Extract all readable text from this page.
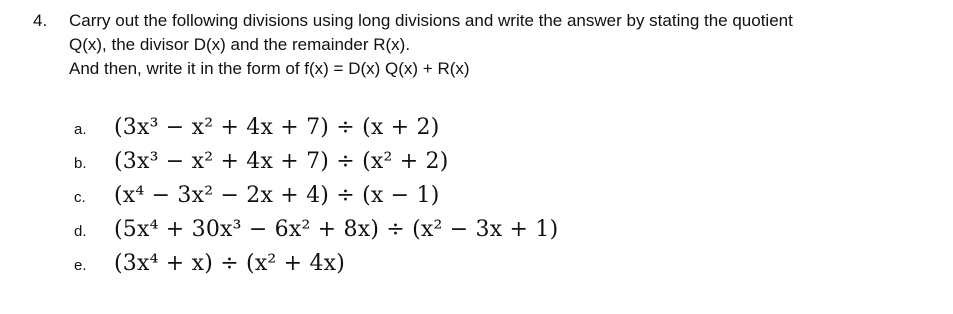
4. Carry out the following divisions using long divisions and write the answer by stating the quotient
Q(x), the divisor D(x) and the remainder R(x).
And then, write it in the form of f(x) = D(x) Q(x) + R(x)
a. (3x³ − x² + 4x + 7) ÷ (x + 2)
b. (3x³ − x² + 4x + 7) ÷ (x² + 2)
c. (x⁴ − 3x² − 2x + 4) ÷ (x − 1)
d. (5x⁴ + 30x³ − 6x² + 8x) ÷ (x² − 3x + 1)
e. (3x⁴ + x) ÷ (x² + 4x)
